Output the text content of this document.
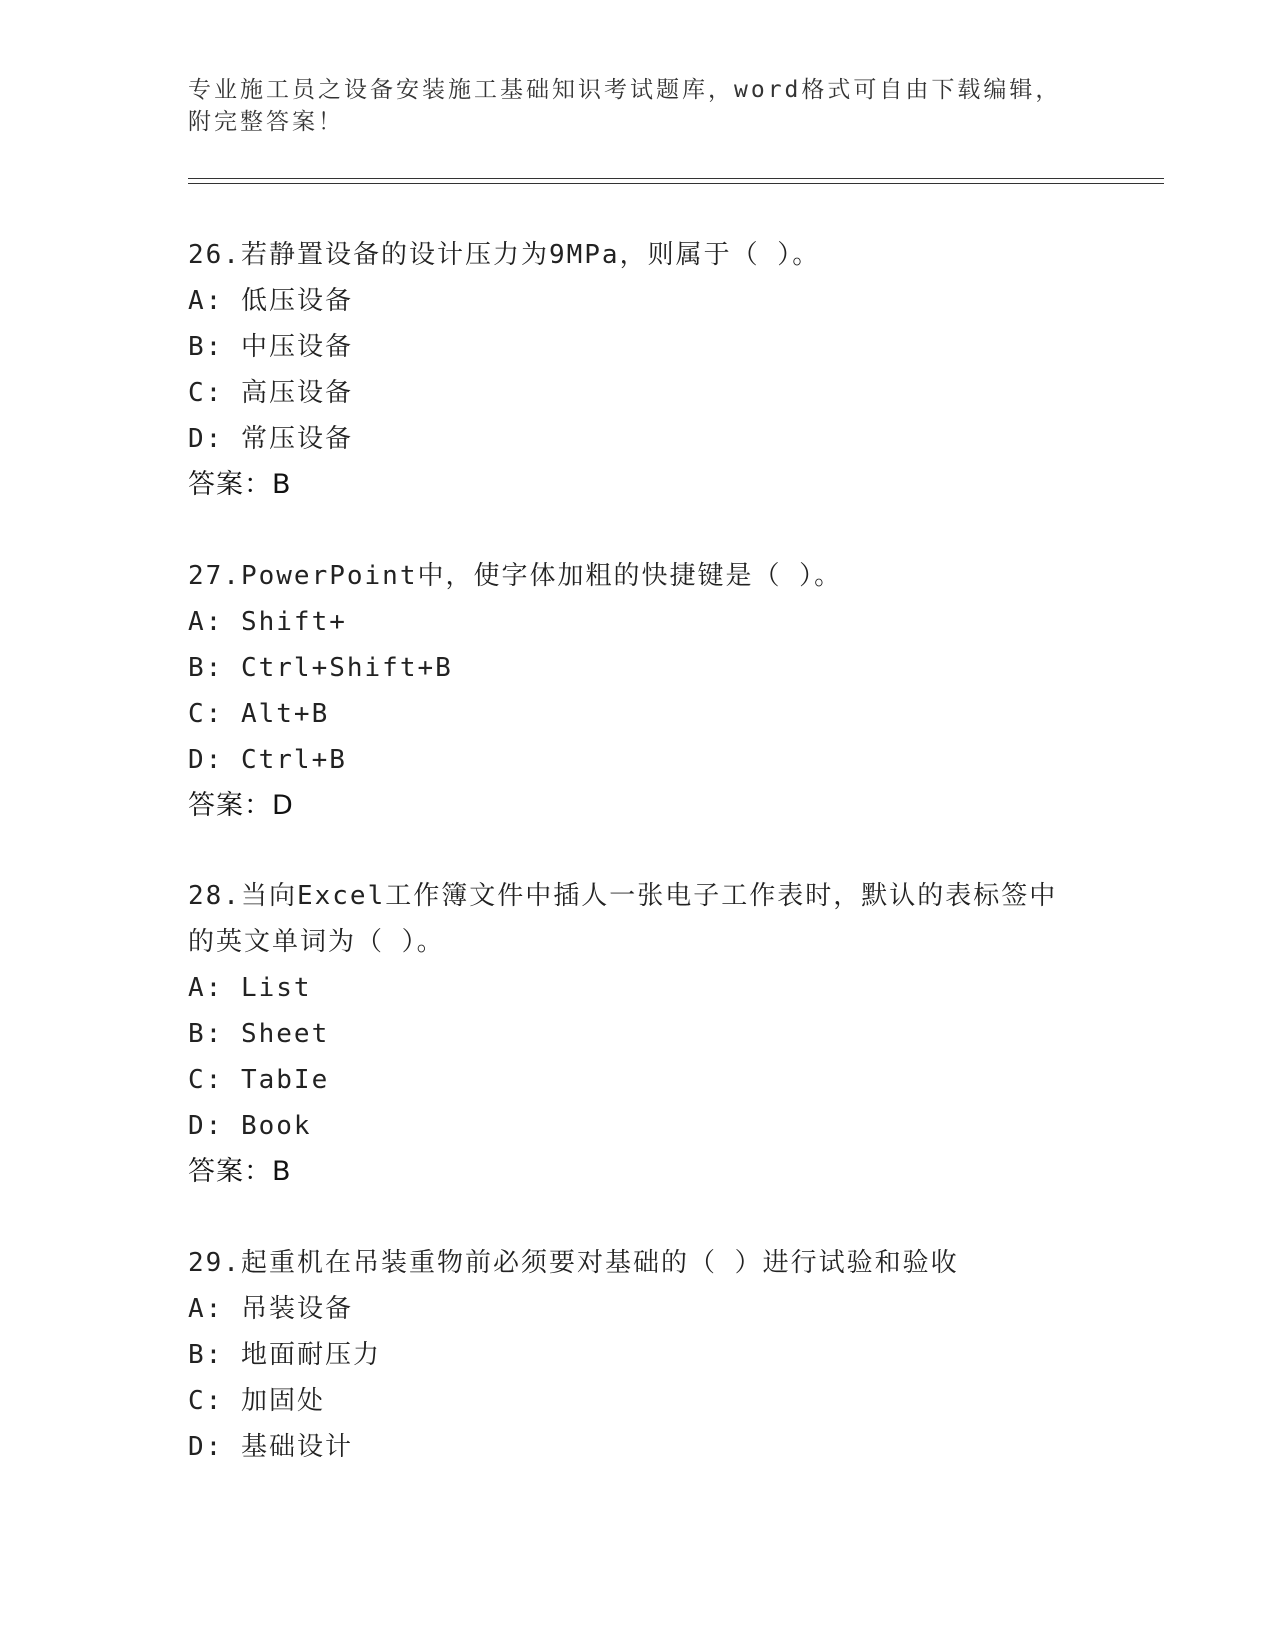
专业施工员之设备安装施工基础知识考试题库，word格式可自由下载编辑，附完整答案！
26.若静置设备的设计压力为9MPa，则属于（ ）。
A: 低压设备
B: 中压设备
C: 高压设备
D: 常压设备
答案：B
27.PowerPoint中，使字体加粗的快捷键是（ ）。
A: Shift+
B: Ctrl+Shift+B
C: Alt+B
D: Ctrl+B
答案：D
28.当向Excel工作簿文件中插人一张电子工作表时，默认的表标签中的英文单词为（ ）。
A: List
B: Sheet
C: TabIe
D: Book
答案：B
29.起重机在吊装重物前必须要对基础的（ ）进行试验和验收
A: 吊装设备
B: 地面耐压力
C: 加固处
D: 基础设计
